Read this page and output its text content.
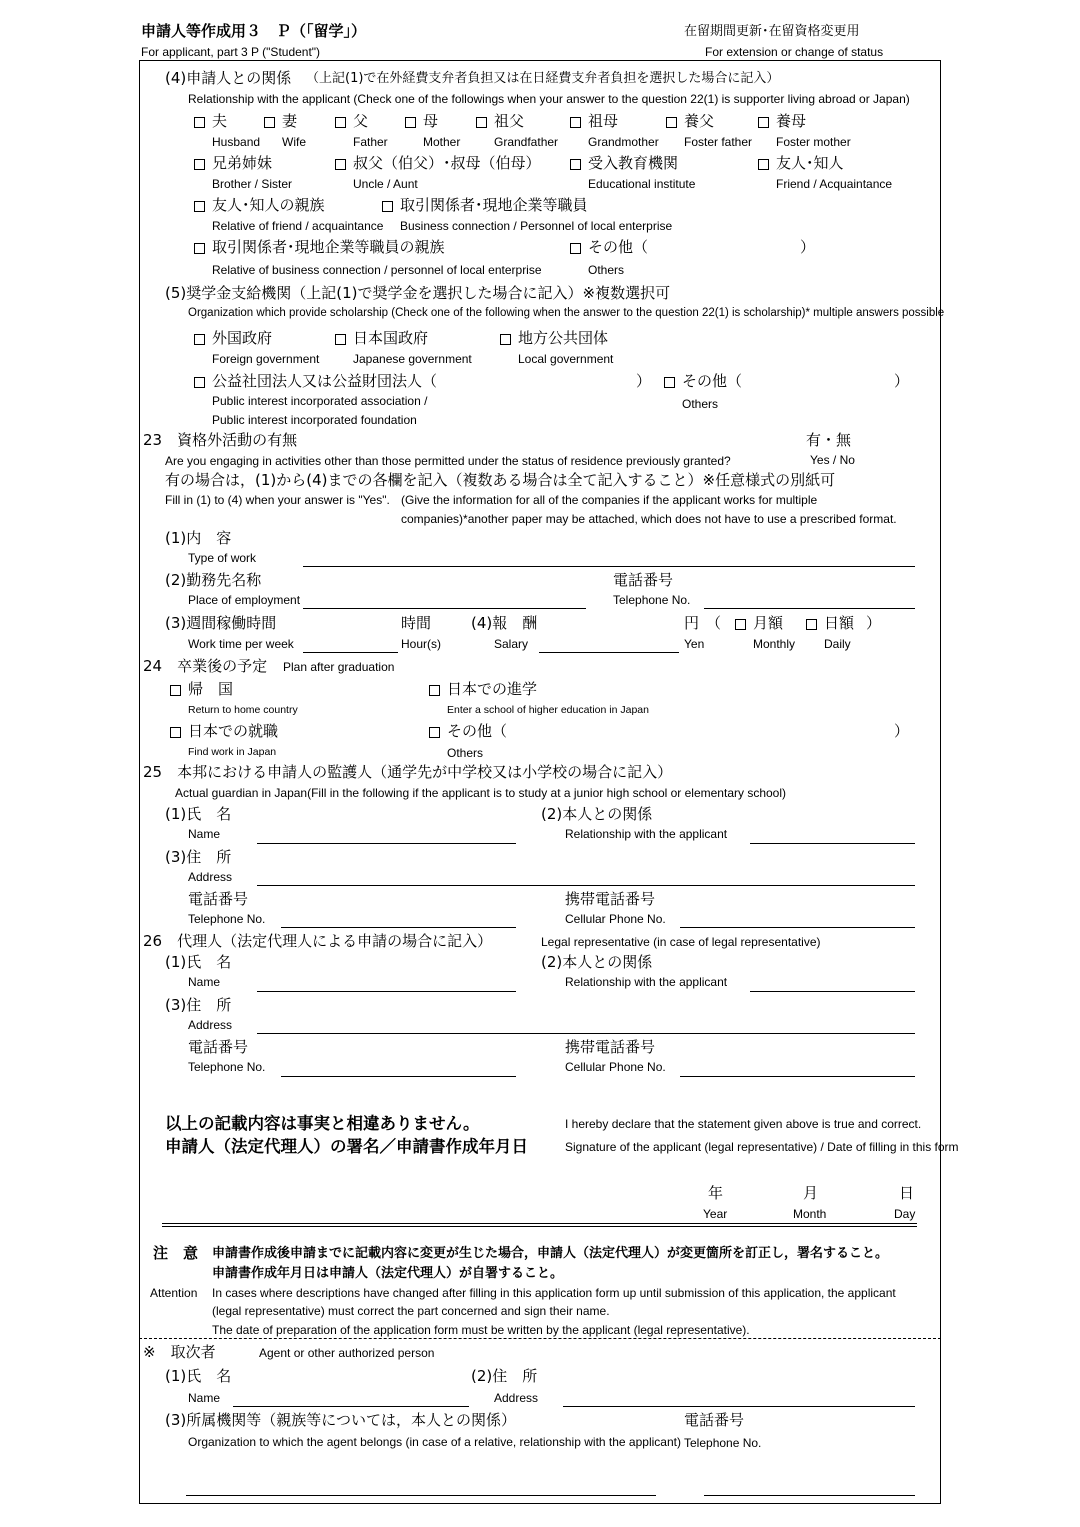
申請人等作成用３　Ｐ（「留学」）
For applicant, part 3 P ("Student")
在留期間更新･在留資格変更用
For extension or change of status
(4)申請人との関係 （上記(1)で在外経費支弁者負担又は在日経費支弁者負担を選択した場合に記入）
Relationship with the applicant (Check one of the followings when your answer to the question 22(1) is supporter living abroad or Japan)
夫
Husband
妻
Wife
父
Father
母
Mother
祖父
Grandfather
祖母
Grandmother
養父
Foster father
養母
Foster mother
兄弟姉妹
Brother / Sister
叔父（伯父）･叔母（伯母）
Uncle / Aunt
受入教育機関
Educational institute
友人･知人
Friend / Acquaintance
友人･知人の親族
Relative of friend / acquaintance
取引関係者･現地企業等職員
Business connection / Personnel of local enterprise
取引関係者･現地企業等職員の親族
Relative of business connection / personnel of local enterprise
その他（	）
Others
(5)奨学金支給機関（上記(1)で奨学金を選択した場合に記入）※複数選択可
Organization which provide scholarship (Check one of the following when the answer to the question 22(1) is scholarship)* multiple answers possible
外国政府
Foreign government
日本国政府
Japanese government
地方公共団体
Local government
公益社団法人又は公益財団法人（	）
Public interest incorporated association /
Public interest incorporated foundation
その他（	）
Others
23　資格外活動の有無	有・無
Are you engaging in activities other than those permitted under the status of residence previously granted?	Yes / No
有の場合は，(1)から(4)までの各欄を記入（複数ある場合は全て記入すること）※任意様式の別紙可
Fill in (1) to (4) when your answer is "Yes". (Give the information for all of the companies if the applicant works for multiple
companies)*another paper may be attached, which does not have to use a prescribed format.
(1)内　容
Type of work
(2)勤務先名称
Place of employment
電話番号
Telephone No.
(3)週間稼働時間
Work time per week
時間
Hour(s)
(4)報　酬
Salary
円
Yen
（ 月額
Monthly
日額
Daily
）
24　卒業後の予定 Plan after graduation
帰　国
Return to home country
日本での進学
Enter a school of higher education in Japan
日本での就職
Find work in Japan
その他（	）
Others
25　本邦における申請人の監護人（通学先が中学校又は小学校の場合に記入）
Actual guardian in Japan(Fill in the following if the applicant is to study at a junior high school or elementary school)
(1)氏　名
Name
(2)本人との関係
Relationship with the applicant
(3)住　所
Address
電話番号
Telephone No.
携帯電話番号
Cellular Phone No.
26　代理人（法定代理人による申請の場合に記入）	Legal representative (in case of legal representative)
(1)氏　名
Name
(2)本人との関係
Relationship with the applicant
(3)住　所
Address
電話番号
Telephone No.
携帯電話番号
Cellular Phone No.
以上の記載内容は事実と相違ありません。	I hereby declare that the statement given above is true and correct.
申請人（法定代理人）の署名／申請書作成年月日	Signature of the applicant (legal representative) / Date of filling in this form
年
Year
月
Month
日
Day
注　意 申請書作成後申請までに記載内容に変更が生じた場合，申請人（法定代理人）が変更箇所を訂正し，署名すること。
申請書作成年月日は申請人（法定代理人）が自署すること。
Attention In cases where descriptions have changed after filling in this application form up until submission of this application, the applicant
(legal representative) must correct the part concerned and sign their name.
The date of preparation of the application form must be written by the applicant (legal representative).
※　取次者	Agent or other authorized person
(1)氏　名
Name
(2)住　所
Address
(3)所属機関等（親族等については，本人との関係）
Organization to which the agent belongs (in case of a relative, relationship with the applicant)
電話番号
Telephone No.
